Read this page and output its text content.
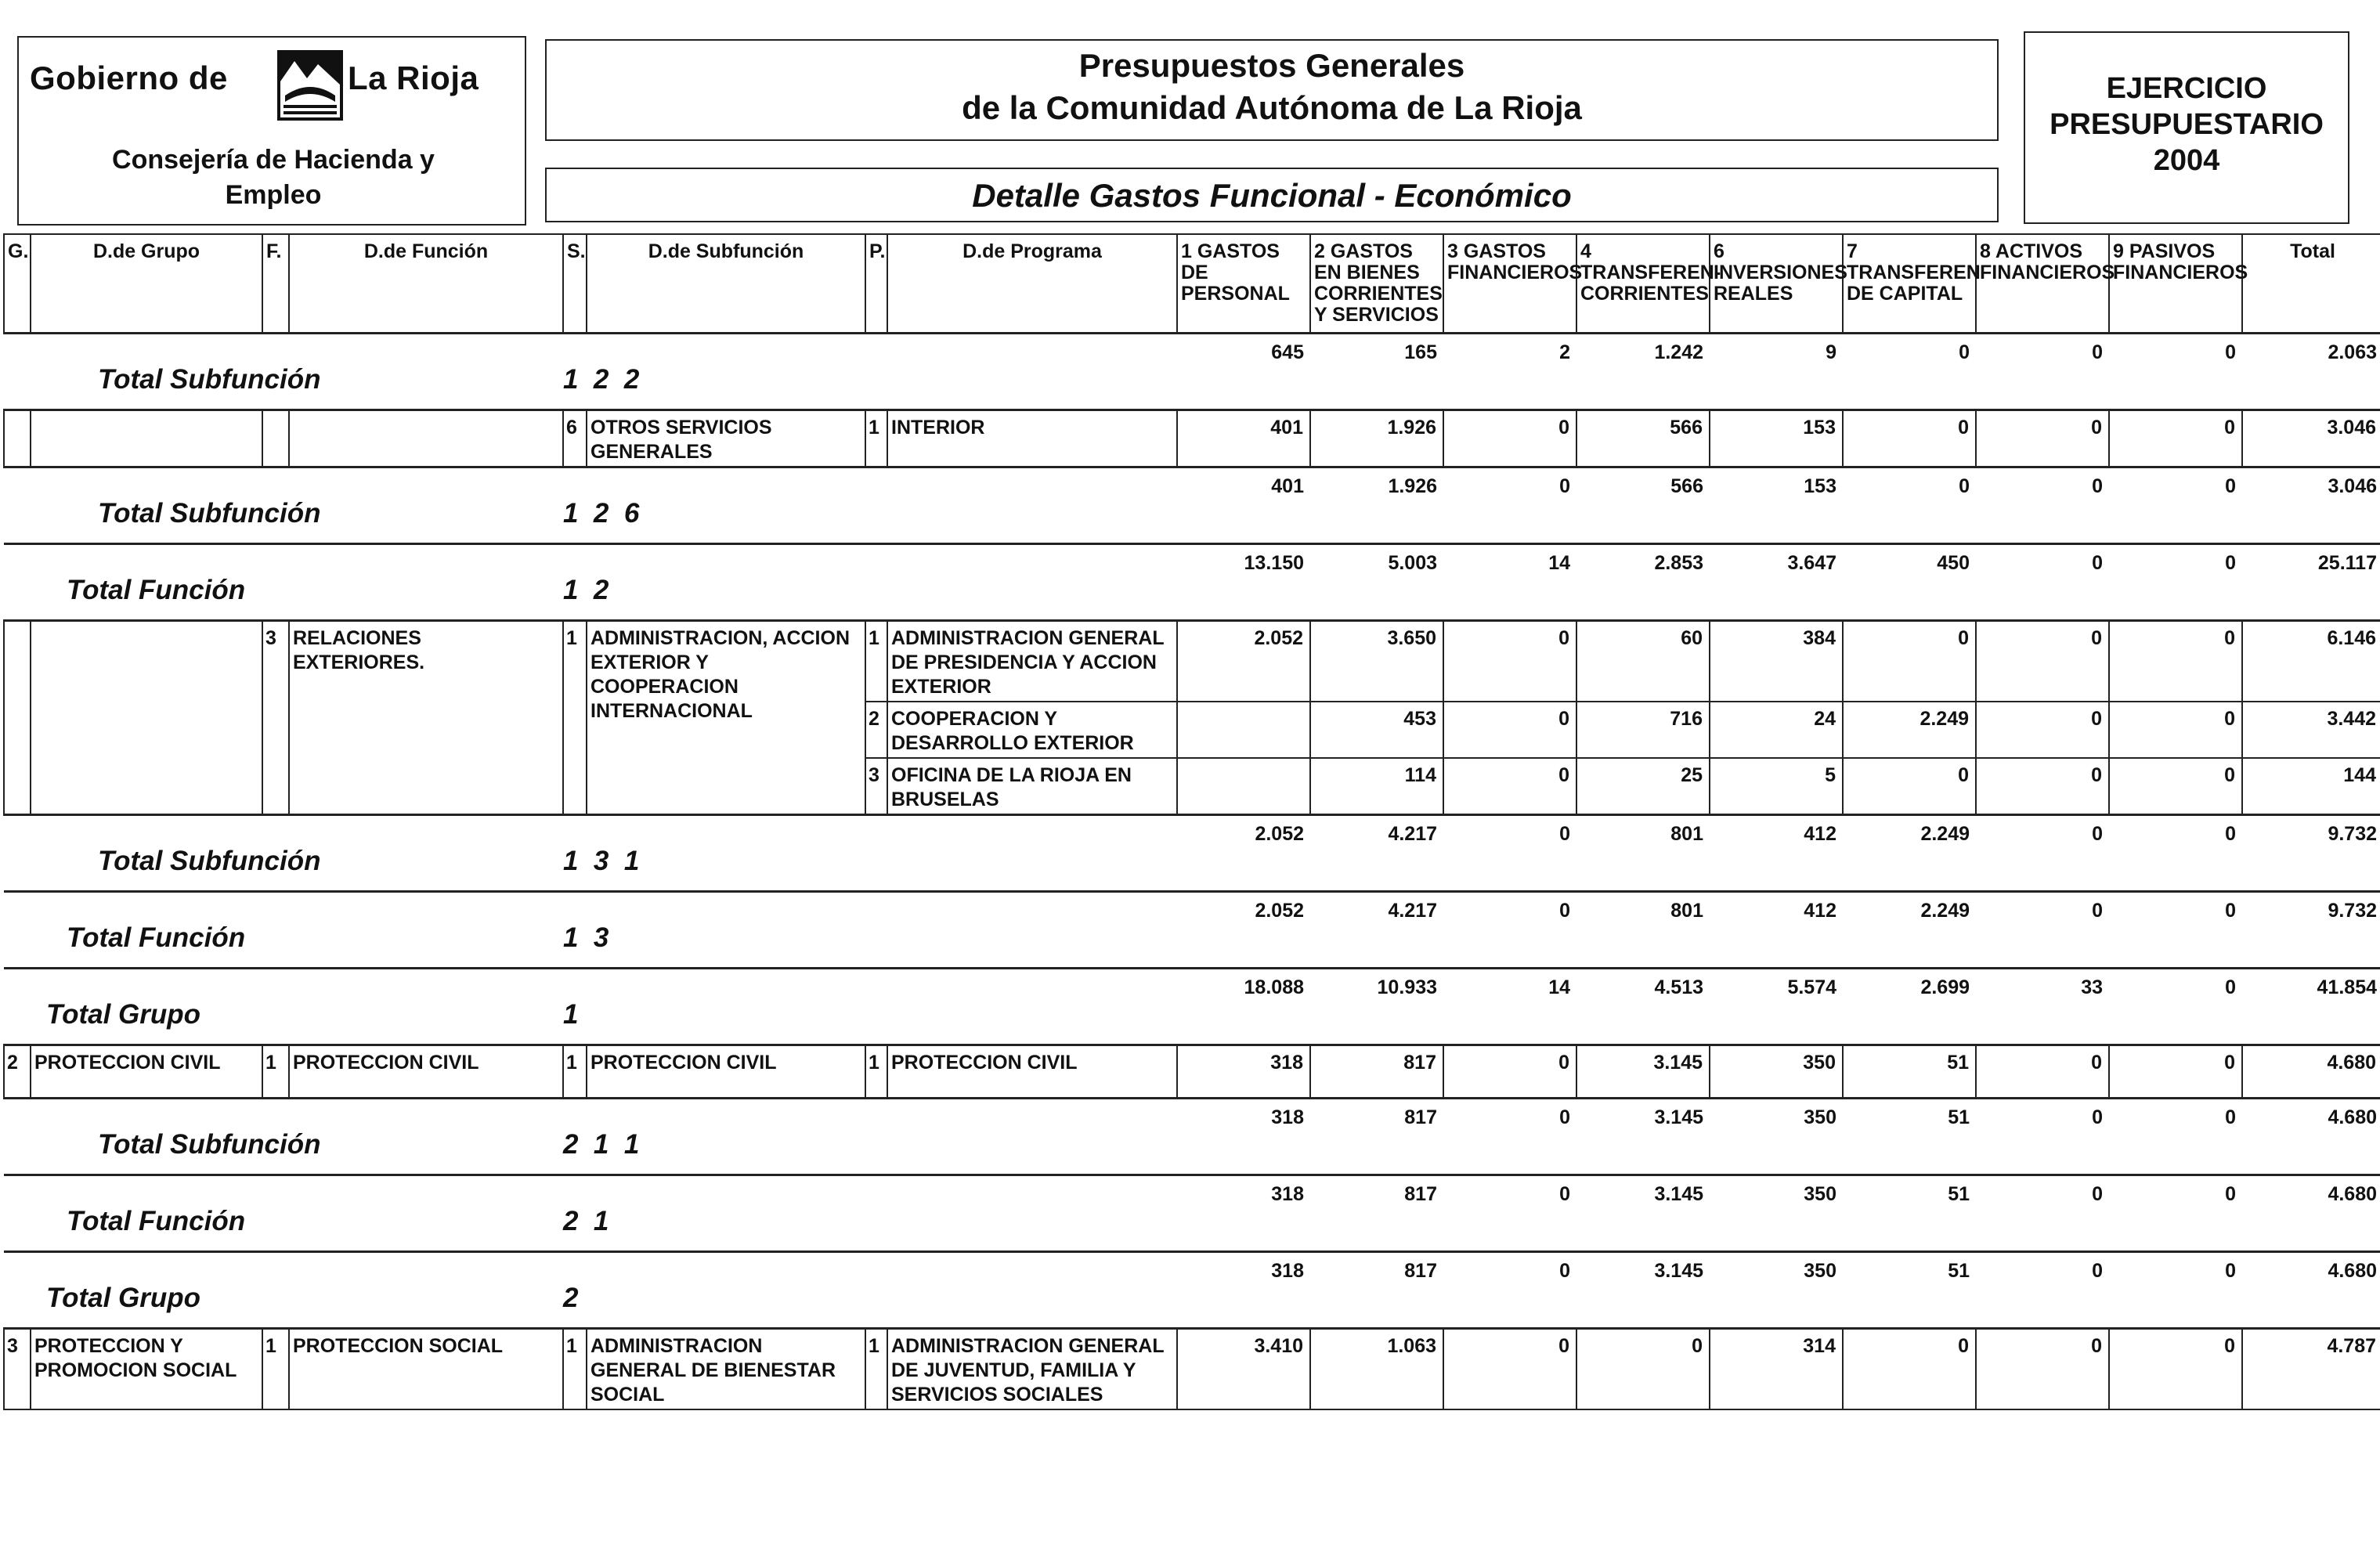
Gobierno de	La Rioja
Consejería de Hacienda y
Empleo
Presupuestos Generales
de la Comunidad Autónoma de La Rioja
Detalle Gastos Funcional - Económico
EJERCICIO
PRESUPUESTARIO
2004
G.	D.de Grupo	F.	D.de Función	S.	D.de Subfunción	P.	D.de Programa	1 GASTOS DE PERSONAL	2 GASTOS EN BIENES CORRIENTES Y SERVICIOS	3 GASTOS FINANCIEROS	4 TRANSFEREN- CORRIENTES	6 INVERSIONES REALES	7 TRANSFEREN DE CAPITAL	8 ACTIVOS FINANCIEROS	9 PASIVOS FINANCIEROS	Total
Total Subfunción				1  2  2				645	165	2	1.242	9	0	0	0	2.063
				6	OTROS SERVICIOS GENERALES	1	INTERIOR	401	1.926	0	566	153	0	0	0	3.046
Total Subfunción				1  2  6				401	1.926	0	566	153	0	0	0	3.046
Total Función				1  2				13.150	5.003	14	2.853	3.647	450	0	0	25.117
		3	RELACIONES EXTERIORES.	1	ADMINISTRACION, ACCION EXTERIOR Y COOPERACION INTERNACIONAL	1	ADMINISTRACION GENERAL DE PRESIDENCIA Y ACCION EXTERIOR	2.052	3.650	0	60	384	0	0	0	6.146
						2	COOPERACION Y DESARROLLO EXTERIOR		453	0	716	24	2.249	0	0	3.442
						3	OFICINA DE LA RIOJA EN BRUSELAS		114	0	25	5	0	0	0	144
Total Subfunción				1  3  1				2.052	4.217	0	801	412	2.249	0	0	9.732
Total Función				1  3				2.052	4.217	0	801	412	2.249	0	0	9.732
Total Grupo				1				18.088	10.933	14	4.513	5.574	2.699	33	0	41.854
2	PROTECCION CIVIL	1	PROTECCION CIVIL	1	PROTECCION CIVIL	1	PROTECCION CIVIL	318	817	0	3.145	350	51	0	0	4.680
Total Subfunción				2  1  1				318	817	0	3.145	350	51	0	0	4.680
Total Función				2  1				318	817	0	3.145	350	51	0	0	4.680
Total Grupo				2				318	817	0	3.145	350	51	0	0	4.680
3	PROTECCION Y PROMOCION SOCIAL	1	PROTECCION SOCIAL	1	ADMINISTRACION GENERAL DE BIENESTAR SOCIAL	1	ADMINISTRACION GENERAL DE JUVENTUD, FAMILIA Y SERVICIOS SOCIALES	3.410	1.063	0	0	314	0	0	0	4.787
